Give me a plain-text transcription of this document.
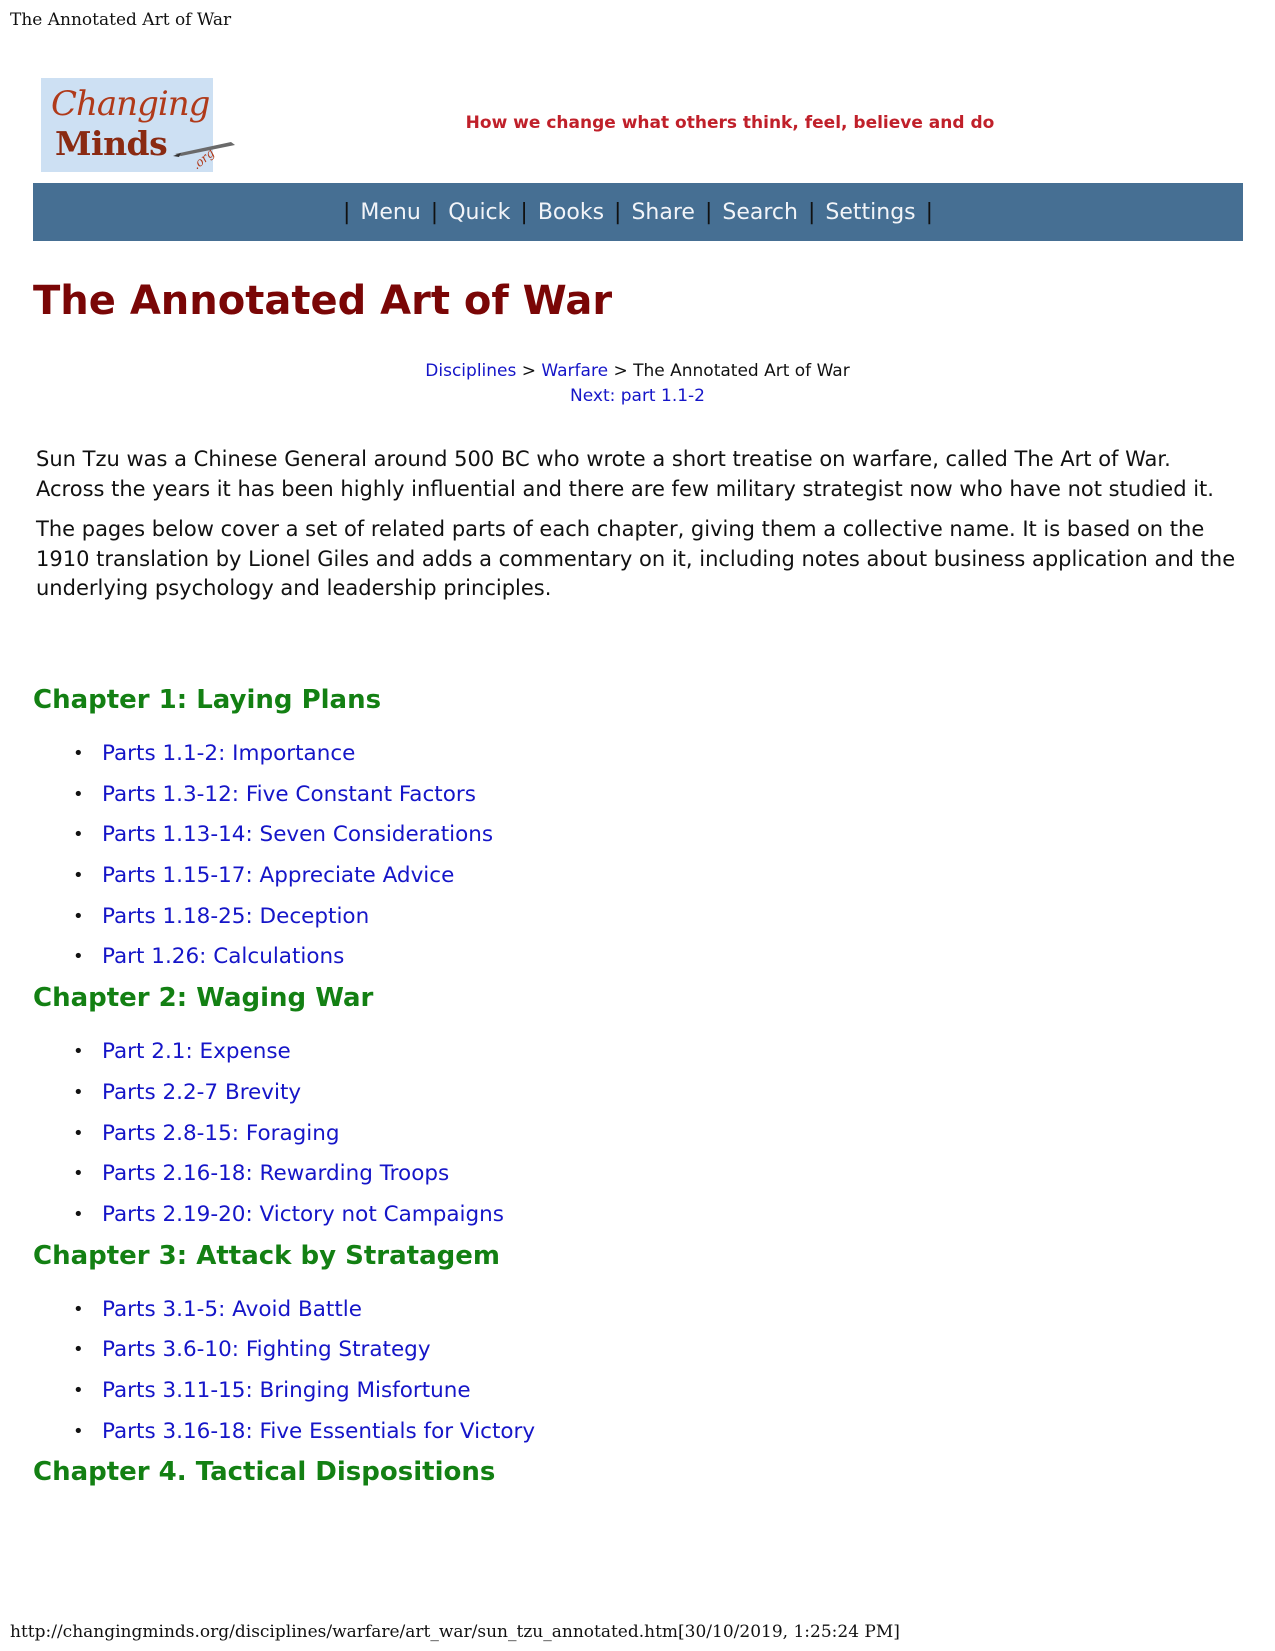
The Annotated Art of War
Changing
Minds .org
How we change what others think, feel, believe and do
| Menu | Quick | Books | Share | Search | Settings |
The Annotated Art of War
Disciplines > Warfare > The Annotated Art of War
Next: part 1.1-2

Sun Tzu was a Chinese General around 500 BC who wrote a short treatise on warfare, called The Art of War. Across the years it has been highly influential and there are few military strategist now who have not studied it.

The pages below cover a set of related parts of each chapter, giving them a collective name. It is based on the 1910 translation by Lionel Giles and adds a commentary on it, including notes about business application and the underlying psychology and leadership principles.

Chapter 1: Laying Plans
• Parts 1.1-2: Importance
• Parts 1.3-12: Five Constant Factors
• Parts 1.13-14: Seven Considerations
• Parts 1.15-17: Appreciate Advice
• Parts 1.18-25: Deception
• Part 1.26: Calculations
Chapter 2: Waging War
• Part 2.1: Expense
• Parts 2.2-7 Brevity
• Parts 2.8-15: Foraging
• Parts 2.16-18: Rewarding Troops
• Parts 2.19-20: Victory not Campaigns
Chapter 3: Attack by Stratagem
• Parts 3.1-5: Avoid Battle
• Parts 3.6-10: Fighting Strategy
• Parts 3.11-15: Bringing Misfortune
• Parts 3.16-18: Five Essentials for Victory
Chapter 4. Tactical Dispositions
http://changingminds.org/disciplines/warfare/art_war/sun_tzu_annotated.htm[30/10/2019, 1:25:24 PM]
